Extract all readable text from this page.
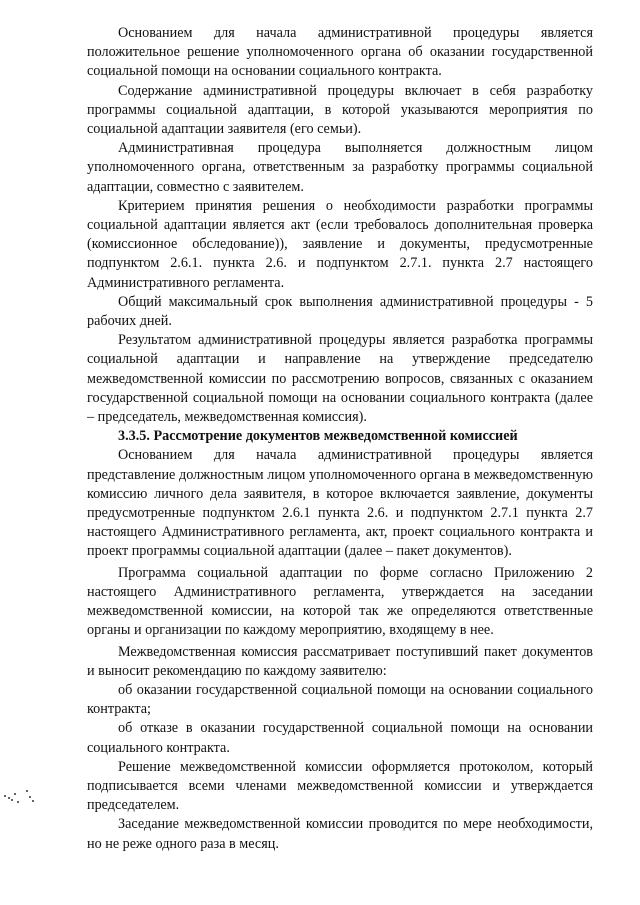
Основанием для начала административной процедуры является положительное решение уполномоченного органа об оказании государственной социальной помощи на основании социального контракта.

Содержание административной процедуры включает в себя разработку программы социальной адаптации, в которой указываются мероприятия по социальной адаптации заявителя (его семьи).

Административная процедура выполняется должностным лицом уполномоченного органа, ответственным за разработку программы социальной адаптации, совместно с заявителем.

Критерием принятия решения о необходимости разработки программы социальной адаптации является акт (если требовалось дополнительная проверка (комиссионное обследование)), заявление и документы, предусмотренные подпунктом 2.6.1. пункта 2.6. и подпунктом 2.7.1. пункта 2.7 настоящего Административного регламента.

Общий максимальный срок выполнения административной процедуры - 5 рабочих дней.

Результатом административной процедуры является разработка программы социальной адаптации и направление на утверждение председателю межведомственной комиссии по рассмотрению вопросов, связанных с оказанием государственной социальной помощи на основании социального контракта (далее – председатель, межведомственная комиссия).

3.3.5. Рассмотрение документов межведомственной комиссией

Основанием для начала административной процедуры является представление должностным лицом уполномоченного органа в межведомственную комиссию личного дела заявителя, в которое включается заявление, документы предусмотренные подпунктом 2.6.1 пункта 2.6. и подпунктом 2.7.1 пункта 2.7 настоящего Административного регламента, акт, проект социального контракта и проект программы социальной адаптации (далее – пакет документов).

Программа социальной адаптации по форме согласно Приложению 2 настоящего Административного регламента, утверждается на заседании межведомственной комиссии, на которой так же определяются ответственные органы и организации по каждому мероприятию, входящему в нее.

Межведомственная комиссия рассматривает поступивший пакет документов и выносит рекомендацию по каждому заявителю:

об оказании государственной социальной помощи на основании социального контракта;

об отказе в оказании государственной социальной помощи на основании социального контракта.

Решение межведомственной комиссии оформляется протоколом, который подписывается всеми членами межведомственной комиссии и утверждается председателем.

Заседание межведомственной комиссии проводится по мере необходимости, но не реже одного раза в месяц.
